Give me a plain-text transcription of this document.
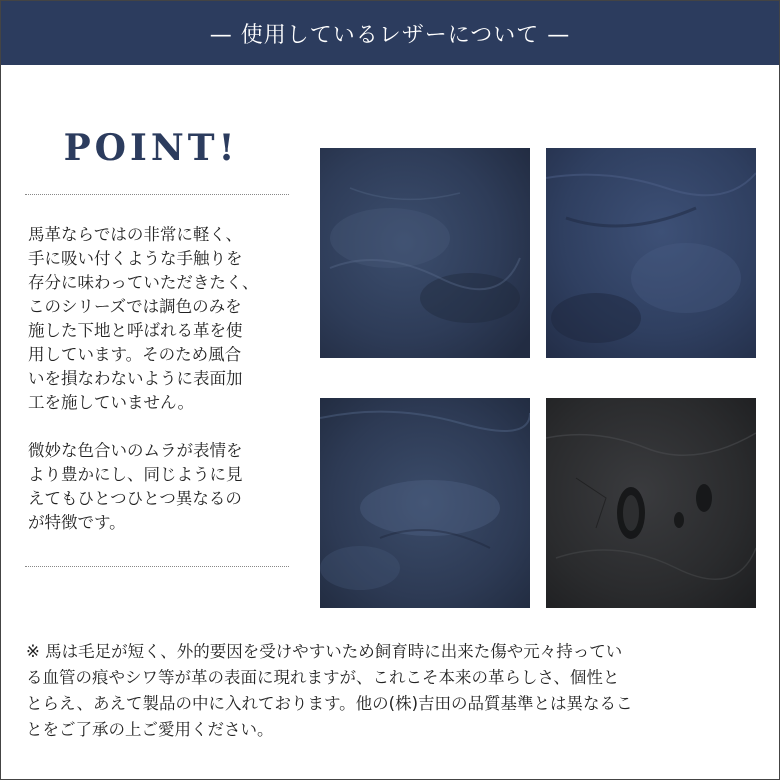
— 使用しているレザーについて —
POINT!
馬革ならではの非常に軽く、
手に吸い付くような手触りを
存分に味わっていただきたく、
このシリーズでは調色のみを
施した下地と呼ばれる革を使
用しています。そのため風合
いを損なわないように表面加
工を施していません。
微妙な色合いのムラが表情を
より豊かにし、同じように見
えてもひとつひとつ異なるの
が特徴です。
※ 馬は毛足が短く、外的要因を受けやすいため飼育時に出来た傷や元々持ってい
る血管の痕やシワ等が革の表面に現れますが、これこそ本来の革らしさ、個性と
とらえ、あえて製品の中に入れております。他の(株)吉田の品質基準とは異なるこ
とをご了承の上ご愛用ください。
